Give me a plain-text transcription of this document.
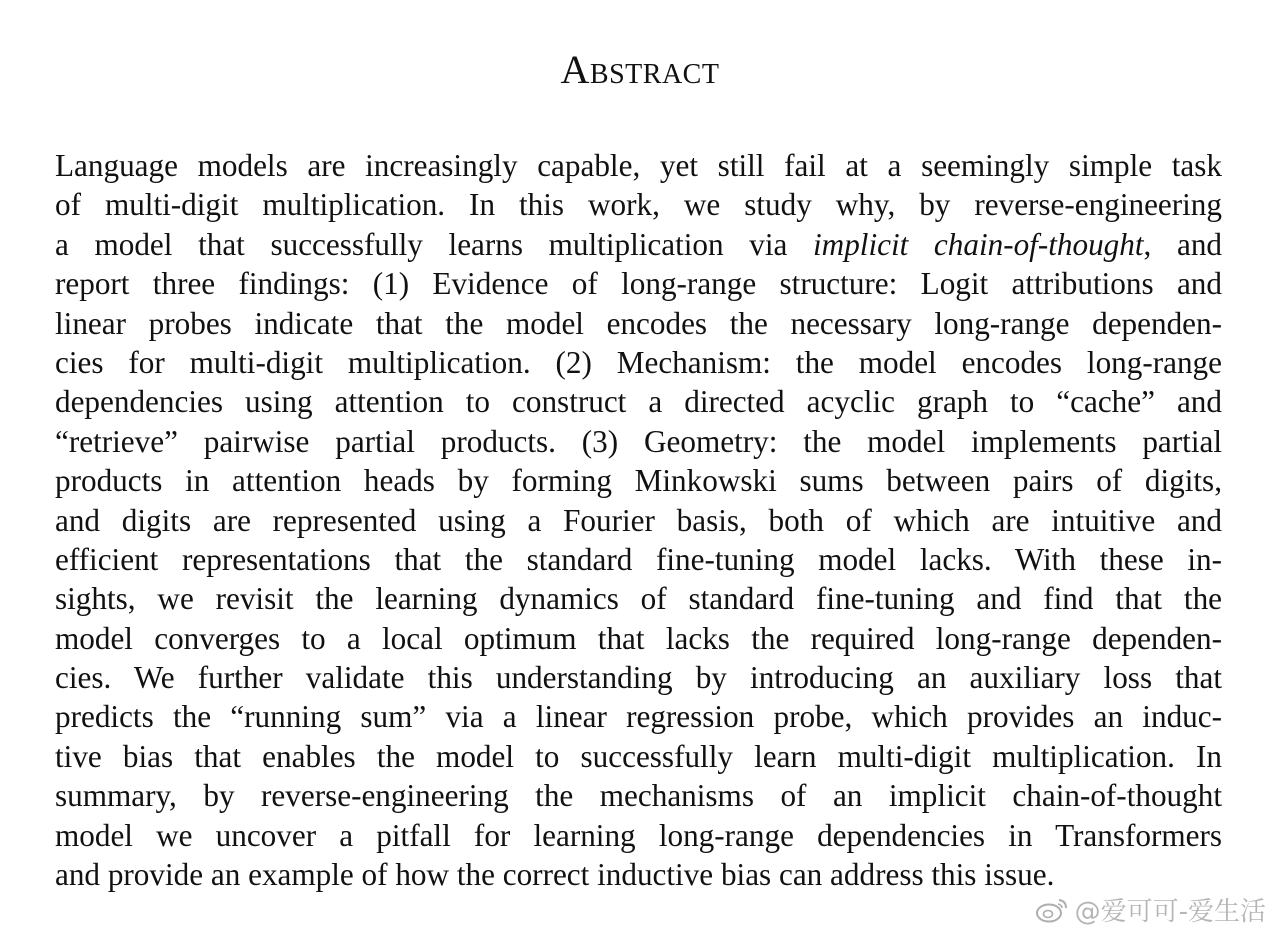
Abstract
Language models are increasingly capable, yet still fail at a seemingly simple task
of multi-digit multiplication. In this work, we study why, by reverse-engineering
a model that successfully learns multiplication via implicit chain-of-thought, and
report three findings: (1) Evidence of long-range structure: Logit attributions and
linear probes indicate that the model encodes the necessary long-range dependen-
cies for multi-digit multiplication. (2) Mechanism: the model encodes long-range
dependencies using attention to construct a directed acyclic graph to “cache” and
“retrieve” pairwise partial products. (3) Geometry: the model implements partial
products in attention heads by forming Minkowski sums between pairs of digits,
and digits are represented using a Fourier basis, both of which are intuitive and
efficient representations that the standard fine-tuning model lacks. With these in-
sights, we revisit the learning dynamics of standard fine-tuning and find that the
model converges to a local optimum that lacks the required long-range dependen-
cies. We further validate this understanding by introducing an auxiliary loss that
predicts the “running sum” via a linear regression probe, which provides an induc-
tive bias that enables the model to successfully learn multi-digit multiplication. In
summary, by reverse-engineering the mechanisms of an implicit chain-of-thought
model we uncover a pitfall for learning long-range dependencies in Transformers
and provide an example of how the correct inductive bias can address this issue.
@爱可可-爱生活
